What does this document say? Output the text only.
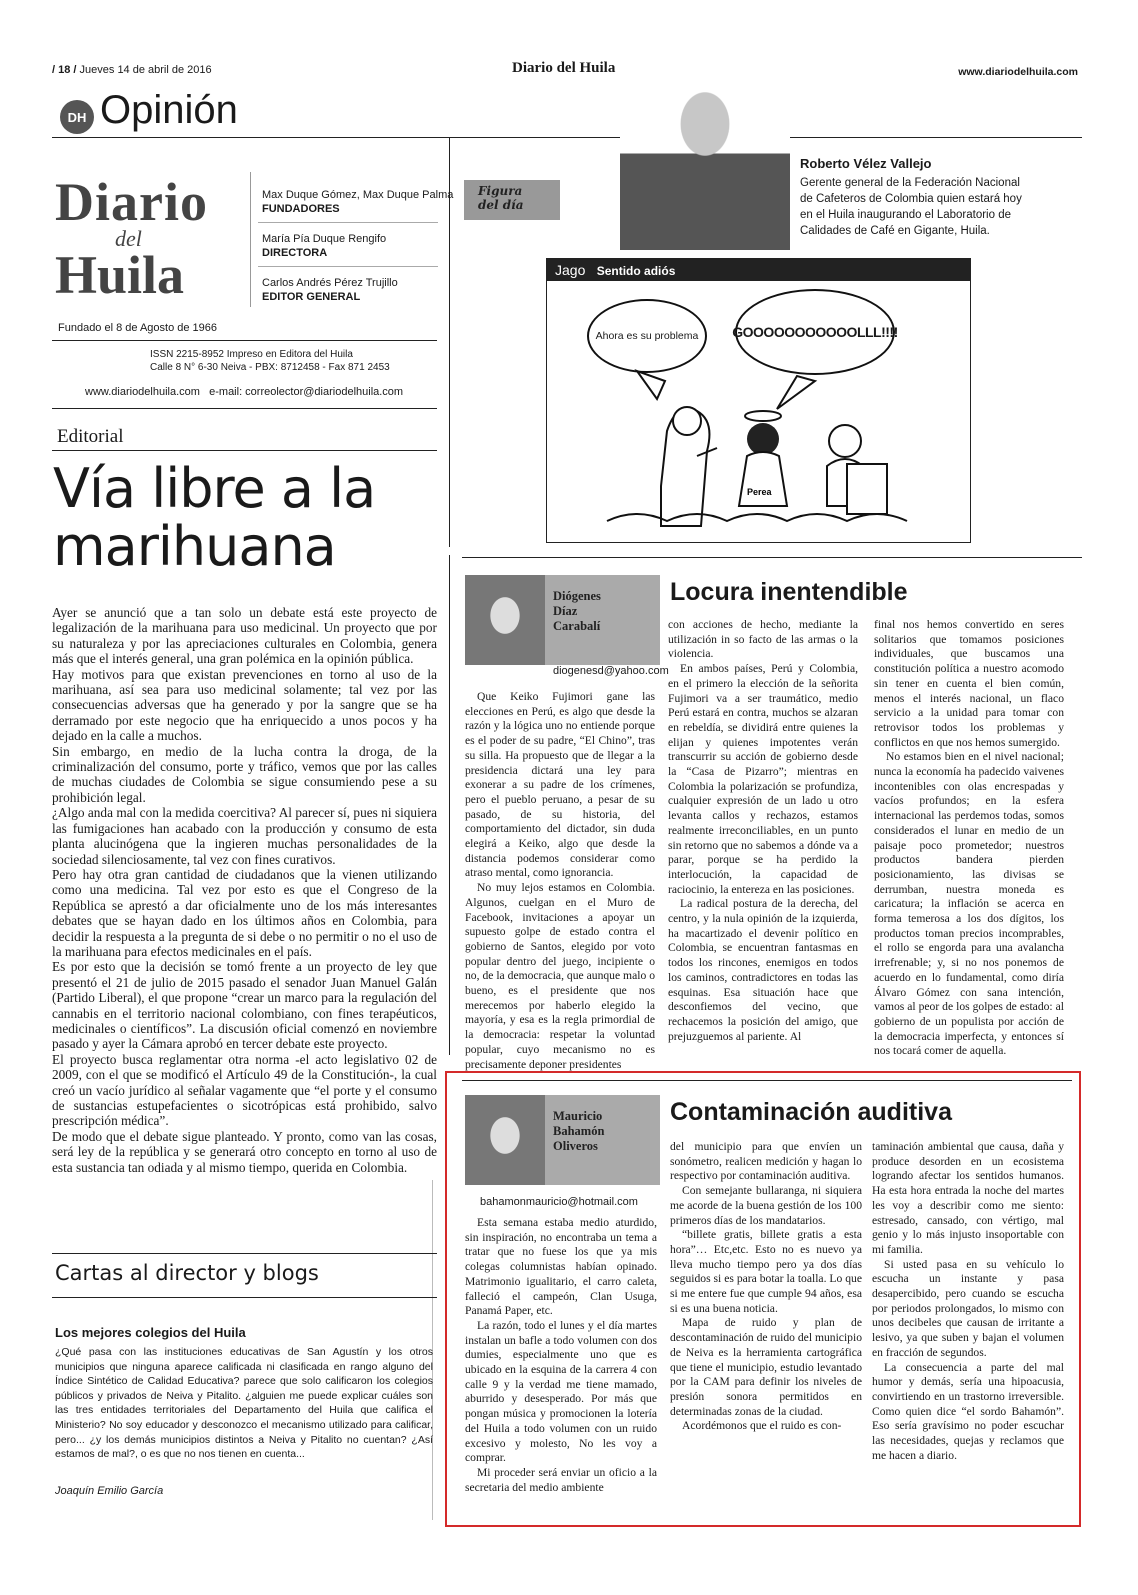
/ 18 / Jueves 14 de abril de 2016	Diario del Huila	www.diariodelhuila.com
DH Opinión
Diario
del
Huila
Max Duque Gómez, Max Duque Palma
FUNDADORES
María Pía Duque Rengifo
DIRECTORA
Carlos Andrés Pérez Trujillo
EDITOR GENERAL
Fundado el 8 de Agosto de 1966
ISSN 2215-8952 Impreso en Editora del Huila
Calle 8 N° 6-30 Neiva - PBX: 8712458 - Fax 871 2453
www.diariodelhuila.com e-mail: correolector@diariodelhuila.com
Figura
del día
Roberto Vélez Vallejo
Gerente general de la Federación Nacional de Cafeteros de Colombia quien estará hoy en el Huila inaugurando el Laboratorio de Calidades de Café en Gigante, Huila.
Jago Sentido adiós
Ahora es su problema	GOOOOOOOOOOOLLL!!!!
Perea
Editorial
Vía libre a la marihuana

Ayer se anunció que a tan solo un debate está este proyecto de legalización de la marihuana para uso medicinal. Un proyecto que por su naturaleza y por las apreciaciones culturales en Colombia, genera más que el interés general, una gran polémica en la opinión pública.

Hay motivos para que existan prevenciones en torno al uso de la marihuana, así sea para uso medicinal solamente; tal vez por las consecuencias adversas que ha generado y por la sangre que se ha derramado por este negocio que ha enriquecido a unos pocos y ha dejado en la calle a muchos.

Sin embargo, en medio de la lucha contra la droga, de la criminalización del consumo, porte y tráfico, vemos que por las calles de muchas ciudades de Colombia se sigue consumiendo pese a su prohibición legal.

¿Algo anda mal con la medida coercitiva? Al parecer sí, pues ni siquiera las fumigaciones han acabado con la producción y consumo de esta planta alucinógena que la ingieren muchas personalidades de la sociedad silenciosamente, tal vez con fines curativos.

Pero hay otra gran cantidad de ciudadanos que la vienen utilizando como una medicina. Tal vez por esto es que el Congreso de la República se aprestó a dar oficialmente uno de los más interesantes debates que se hayan dado en los últimos años en Colombia, para decidir la respuesta a la pregunta de si debe o no permitir o no el uso de la marihuana para efectos medicinales en el país.

Es por esto que la decisión se tomó frente a un proyecto de ley que presentó el 21 de julio de 2015 pasado el senador Juan Manuel Galán (Partido Liberal), el que propone “crear un marco para la regulación del cannabis en el territorio nacional colombiano, con fines terapéuticos, medicinales o científicos”. La discusión oficial comenzó en noviembre pasado y ayer la Cámara aprobó en tercer debate este proyecto.

El proyecto busca reglamentar otra norma -el acto legislativo 02 de 2009, con el que se modificó el Artículo 49 de la Constitución-, la cual creó un vacío jurídico al señalar vagamente que “el porte y el consumo de sustancias estupefacientes o sicotrópicas está prohibido, salvo prescripción médica”.

De modo que el debate sigue planteado. Y pronto, como van las cosas, será ley de la república y se generará otro concepto en torno al uso de esta sustancia tan odiada y al mismo tiempo, querida en Colombia.

Cartas al director y blogs
Los mejores colegios del Huila
¿Qué pasa con las instituciones educativas de San Agustín y los otros municipios que ninguna aparece calificada ni clasificada en rango alguno del Índice Sintético de Calidad Educativa? parece que solo calificaron los colegios públicos y privados de Neiva y Pitalito. ¿alguien me puede explicar cuáles son las tres entidades territoriales del Departamento del Huila que califica el Ministerio? No soy educador y desconozco el mecanismo utilizado para calificar, pero... ¿y los demás municipios distintos a Neiva y Pitalito no cuentan? ¿Así estamos de mal?, o es que no nos tienen en cuenta...
Joaquín Emilio García
Diógenes
Díaz
Carabalí
diogenesd@yahoo.com
Locura inentendible

Que Keiko Fujimori gane las elecciones en Perú, es algo que desde la razón y la lógica uno no entiende porque es el poder de su padre, “El Chino”, tras su silla. Ha propuesto que de llegar a la presidencia dictará una ley para exonerar a su padre de los crímenes, pero el pueblo peruano, a pesar de su pasado, de su historia, del comportamiento del dictador, sin duda elegirá a Keiko, algo que desde la distancia podemos considerar como atraso mental, como ignorancia.

No muy lejos estamos en Colombia. Algunos, cuelgan en el Muro de Facebook, invitaciones a apoyar un supuesto golpe de estado contra el gobierno de Santos, elegido por voto popular dentro del juego, incipiente o no, de la democracia, que aunque malo o bueno, es el presidente que nos merecemos por haberlo elegido la mayoría, y esa es la regla primordial de la democracia: respetar la voluntad popular, cuyo mecanismo no es precisamente deponer presidentes

con acciones de hecho, mediante la utilización in so facto de las armas o la violencia.

En ambos países, Perú y Colombia, en el primero la elección de la señorita Fujimori va a ser traumático, medio Perú estará en contra, muchos se alzaran en rebeldía, se dividirá entre quienes la elijan y quienes impotentes verán transcurrir su acción de gobierno desde la “Casa de Pizarro”; mientras en Colombia la polarización se profundiza, cualquier expresión de un lado u otro levanta callos y rechazos, estamos realmente irreconciliables, en un punto sin retorno que no sabemos a dónde va a parar, porque se ha perdido la interlocución, la capacidad de raciocinio, la entereza en las posiciones.

La radical postura de la derecha, del centro, y la nula opinión de la izquierda, ha macartizado el devenir político en Colombia, se encuentran fantasmas en todos los rincones, enemigos en todos los caminos, contradictores en todas las esquinas. Esa situación hace que desconfiemos del vecino, que rechacemos la posición del amigo, que prejuzguemos al pariente. Al

final nos hemos convertido en seres solitarios que tomamos posiciones individuales, que buscamos una constitución política a nuestro acomodo sin tener en cuenta el bien común, menos el interés nacional, un flaco servicio a la unidad para tomar con retrovisor todos los problemas y conflictos en que nos hemos sumergido.

No estamos bien en el nivel nacional; nunca la economía ha padecido vaivenes incontenibles con olas encrespadas y vacíos profundos; en la esfera internacional las perdemos todas, somos considerados el lunar en medio de un paisaje poco prometedor; nuestros productos bandera pierden posicionamiento, las divisas se derrumban, nuestra moneda es caricatura; la inflación se acerca en forma temerosa a los dos dígitos, los productos toman precios incomprables, el rollo se engorda para una avalancha irrefrenable; y, si no nos ponemos de acuerdo en lo fundamental, como diría Álvaro Gómez con sana intención, vamos al peor de los golpes de estado: al gobierno de un populista por acción de la democracia imperfecta, y entonces sí nos tocará comer de aquella.

Mauricio
Bahamón
Oliveros
bahamonmauricio@hotmail.com
Contaminación auditiva

Esta semana estaba medio aturdido, sin inspiración, no encontraba un tema a tratar que no fuese los que ya mis colegas columnistas habían opinado. Matrimonio igualitario, el carro caleta, falleció el campeón, Clan Usuga, Panamá Paper, etc.

La razón, todo el lunes y el día martes instalan un bafle a todo volumen con dos dumies, especialmente uno que es ubicado en la esquina de la carrera 4 con calle 9 y la verdad me tiene mamado, aburrido y desesperado. Por más que pongan música y promocionen la lotería del Huila a todo volumen con un ruido excesivo y molesto, No les voy a comprar.

Mi proceder será enviar un oficio a la secretaria del medio ambiente

del municipio para que envíen un sonómetro, realicen medición y hagan lo respectivo por contaminación auditiva.

Con semejante bullaranga, ni siquiera me acorde de la buena gestión de los 100 primeros días de los mandatarios.

“billete gratis, billete gratis a esta hora”… Etc,etc. Esto no es nuevo ya lleva mucho tiempo pero ya dos días seguidos si es para botar la toalla. Lo que si me entere fue que cumple 94 años, esa si es una buena noticia.

Mapa de ruido y plan de descontaminación de ruido del municipio de Neiva es la herramienta cartográfica que tiene el municipio, estudio levantado por la CAM para definir los niveles de presión sonora permitidos en determinadas zonas de la ciudad.

Acordémonos que el ruido es con-

taminación ambiental que causa, daña y produce desorden en un ecosistema logrando afectar los sentidos humanos. Ha esta hora entrada la noche del martes les voy a describir como me siento: estresado, cansado, con vértigo, mal genio y lo más injusto insoportable con mi familia.

Si usted pasa en su vehículo lo escucha un instante y pasa desapercibido, pero cuando se escucha por periodos prolongados, lo mismo con unos decibeles que causan de irritante a lesivo, ya que suben y bajan el volumen en fracción de segundos.

La consecuencia a parte del mal humor y demás, sería una hipoacusia, convirtiendo en un trastorno irreversible. Como quien dice “el sordo Bahamón”. Eso sería gravísimo no poder escuchar las necesidades, quejas y reclamos que me hacen a diario.
